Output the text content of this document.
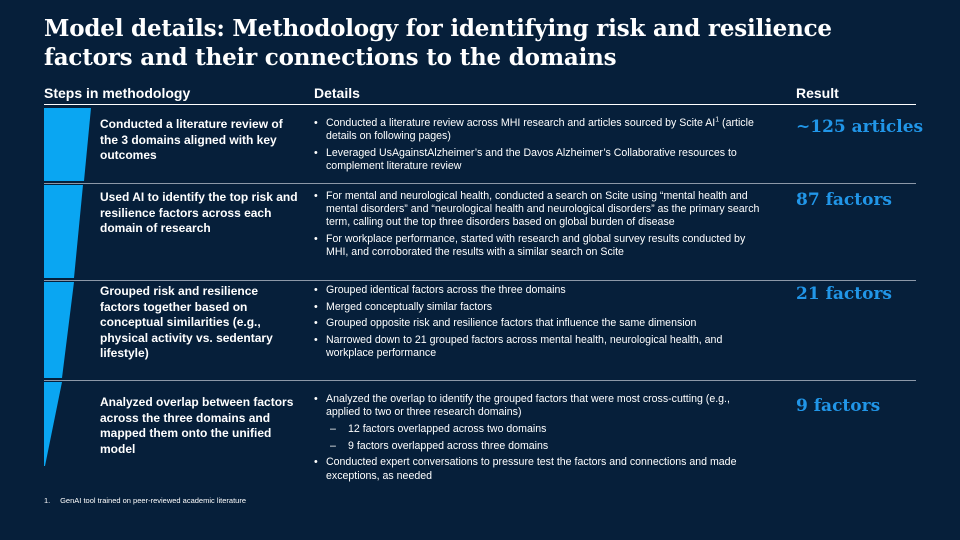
Model details: Methodology for identifying risk and resilience factors and their connections to the domains
Steps in methodology	Details	Result
Conducted a literature review of the 3 domains aligned with key outcomes
• Conducted a literature review across MHI research and articles sourced by Scite $AI^1$ (article details on following pages)
• Leveraged UsAgainstAlzheimer’s and the Davos Alzheimer’s Collaborative resources to complement literature review
~125 articles
Used AI to identify the top risk and resilience factors across each domain of research
• For mental and neurological health, conducted a search on Scite using “mental health and mental disorders” and “neurological health and neurological disorders” as the primary search term, calling out the top three disorders based on global burden of disease
• For workplace performance, started with research and global survey results conducted by MHI, and corroborated the results with a similar search on Scite
87 factors
Grouped risk and resilience factors together based on conceptual similarities (e.g., physical activity vs. sedentary lifestyle)
• Grouped identical factors across the three domains
• Merged conceptually similar factors
• Grouped opposite risk and resilience factors that influence the same dimension
• Narrowed down to 21 grouped factors across mental health, neurological health, and workplace performance
21 factors
Analyzed overlap between factors across the three domains and mapped them onto the unified model
• Analyzed the overlap to identify the grouped factors that were most cross-cutting (e.g., applied to two or three research domains)
– 12 factors overlapped across two domains
– 9 factors overlapped across three domains
• Conducted expert conversations to pressure test the factors and connections and made exceptions, as needed
9 factors
1. GenAI tool trained on peer-reviewed academic literature
